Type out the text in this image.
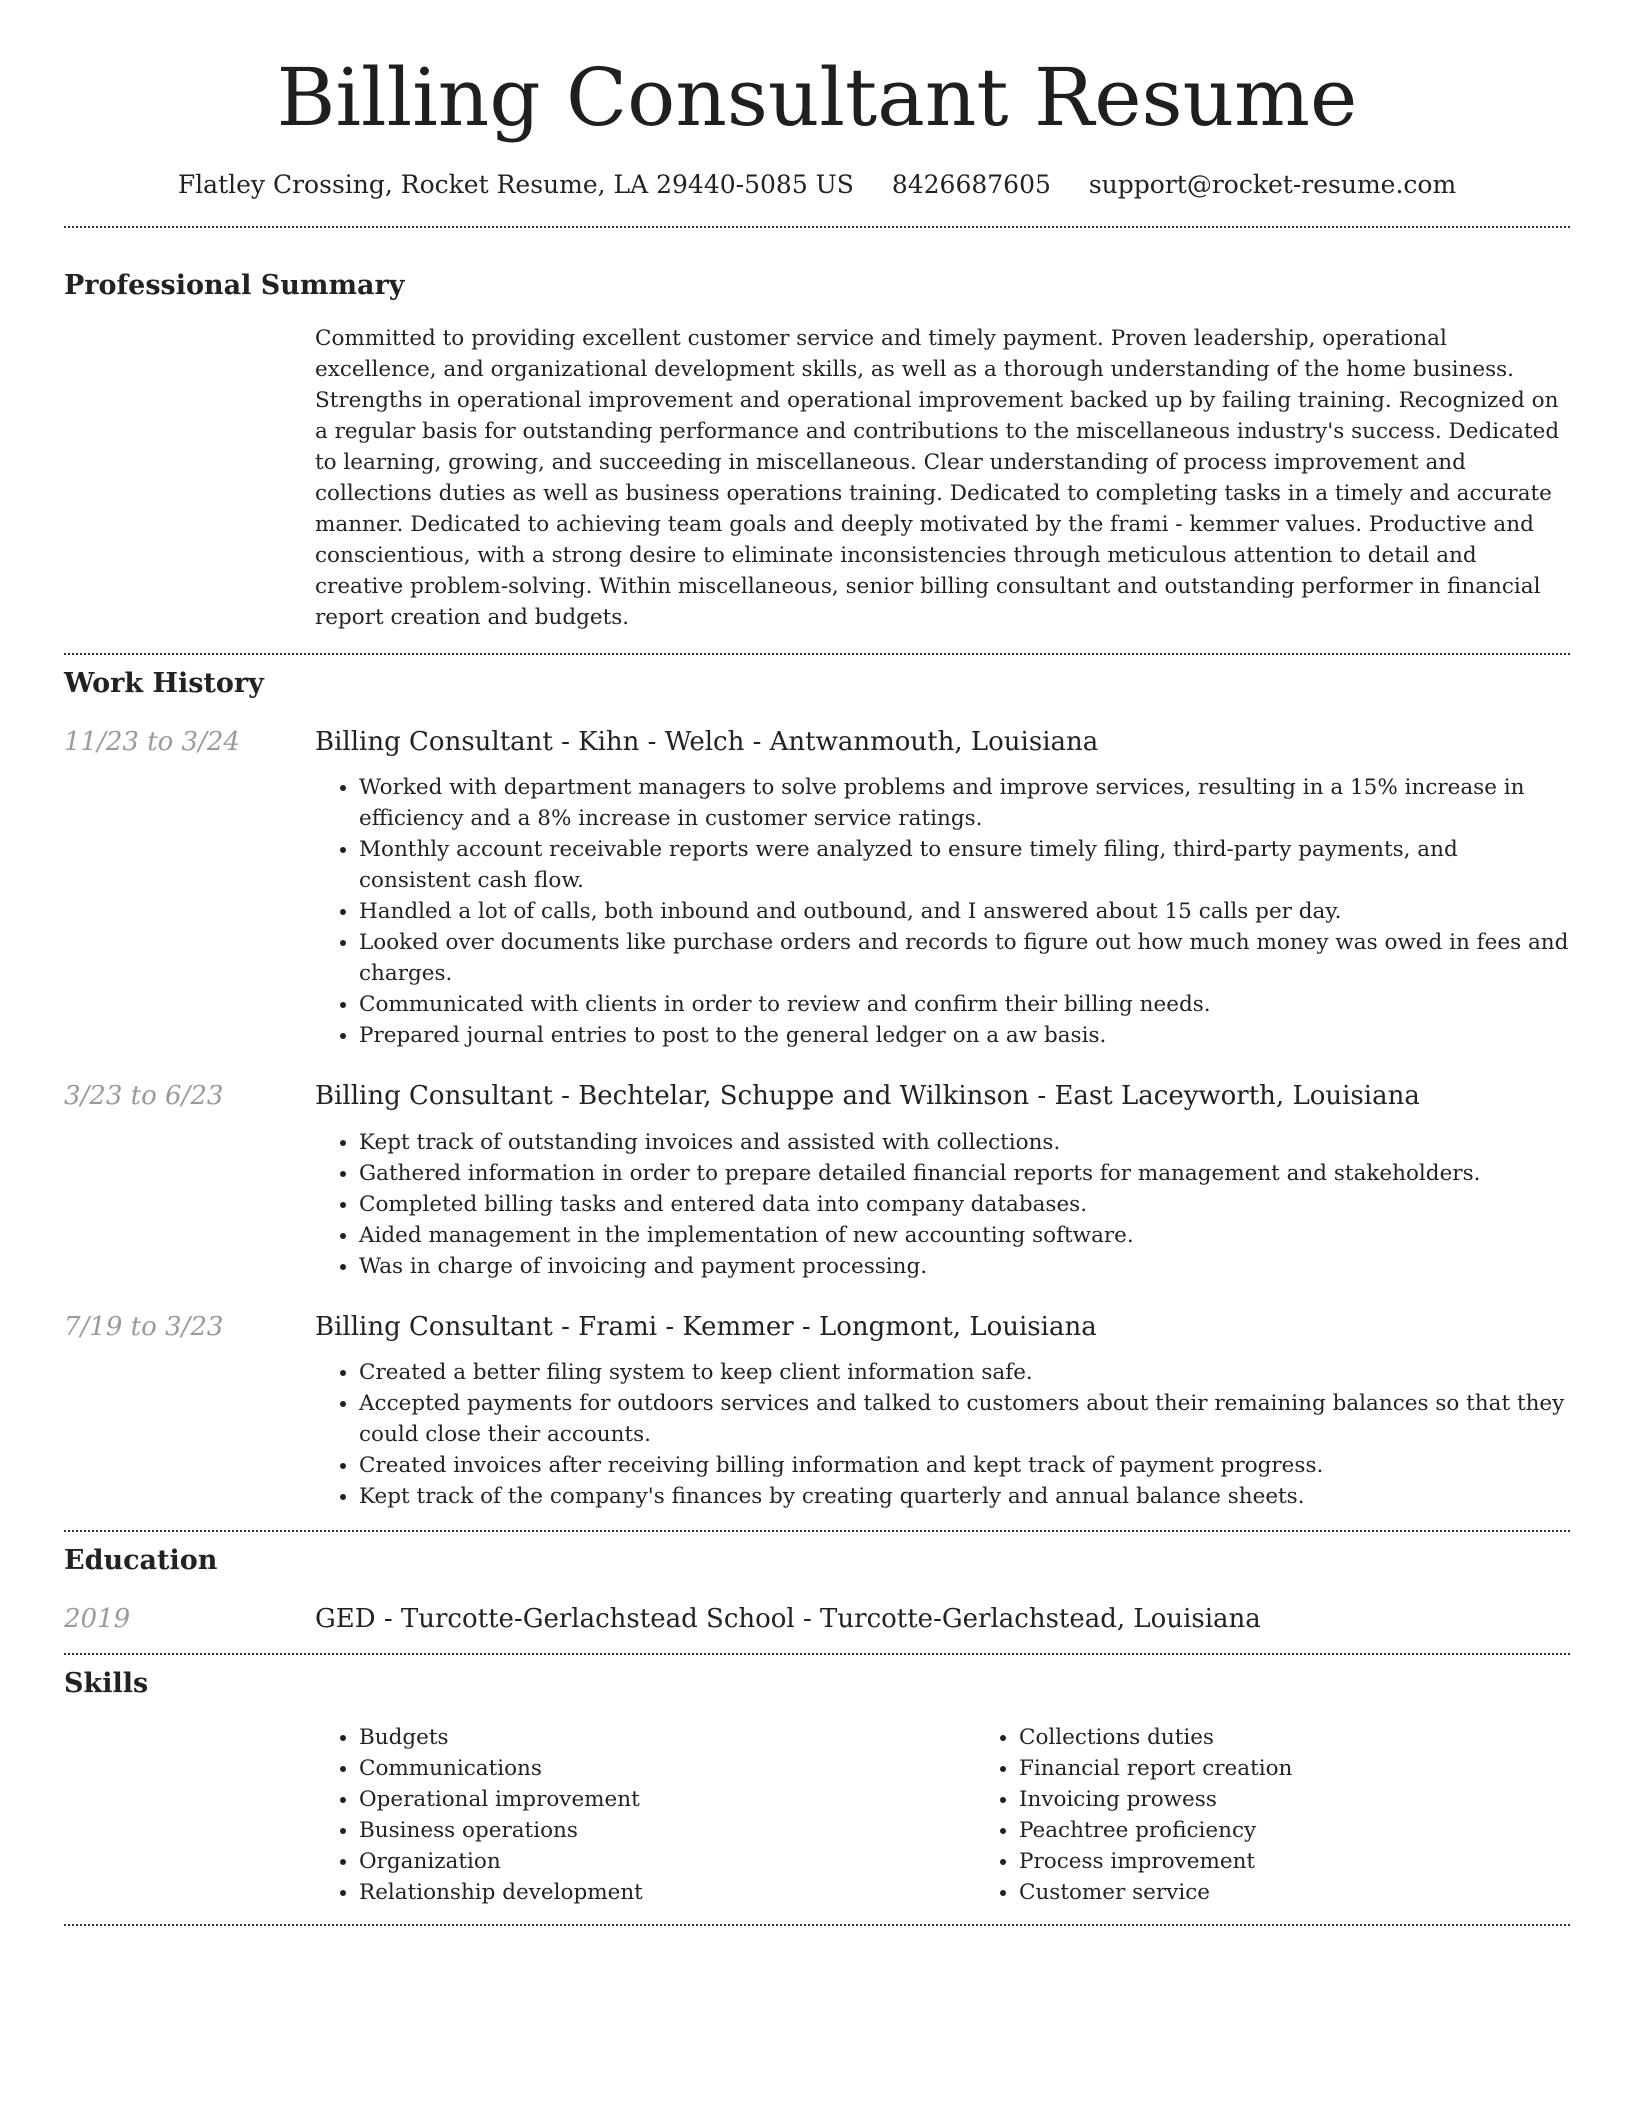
Billing Consultant Resume
Flatley Crossing, Rocket Resume, LA 29440-5085 US 8426687605 support@rocket-resume.com
Professional Summary

Committed to providing excellent customer service and timely payment. Proven leadership, operational excellence, and organizational development skills, as well as a thorough understanding of the home business. Strengths in operational improvement and operational improvement backed up by failing training. Recognized on a regular basis for outstanding performance and contributions to the miscellaneous industry's success. Dedicated to learning, growing, and succeeding in miscellaneous. Clear understanding of process improvement and collections duties as well as business operations training. Dedicated to completing tasks in a timely and accurate manner. Dedicated to achieving team goals and deeply motivated by the frami - kemmer values. Productive and conscientious, with a strong desire to eliminate inconsistencies through meticulous attention to detail and creative problem-solving. Within miscellaneous, senior billing consultant and outstanding performer in financial report creation and budgets.

Work History
11/23 to 3/24	Billing Consultant - Kihn - Welch - Antwanmouth, Louisiana
• Worked with department managers to solve problems and improve services, resulting in a 15% increase in efficiency and a 8% increase in customer service ratings.
• Monthly account receivable reports were analyzed to ensure timely filing, third-party payments, and consistent cash flow.
• Handled a lot of calls, both inbound and outbound, and I answered about 15 calls per day.
• Looked over documents like purchase orders and records to figure out how much money was owed in fees and charges.
• Communicated with clients in order to review and confirm their billing needs.
• Prepared journal entries to post to the general ledger on a aw basis.
3/23 to 6/23	Billing Consultant - Bechtelar, Schuppe and Wilkinson - East Laceyworth, Louisiana
• Kept track of outstanding invoices and assisted with collections.
• Gathered information in order to prepare detailed financial reports for management and stakeholders.
• Completed billing tasks and entered data into company databases.
• Aided management in the implementation of new accounting software.
• Was in charge of invoicing and payment processing.
7/19 to 3/23	Billing Consultant - Frami - Kemmer - Longmont, Louisiana
• Created a better filing system to keep client information safe.
• Accepted payments for outdoors services and talked to customers about their remaining balances so that they could close their accounts.
• Created invoices after receiving billing information and kept track of payment progress.
• Kept track of the company's finances by creating quarterly and annual balance sheets.
Education
2019	GED - Turcotte-Gerlachstead School - Turcotte-Gerlachstead, Louisiana
Skills
• Budgets
• Communications
• Operational improvement
• Business operations
• Organization
• Relationship development
• Collections duties
• Financial report creation
• Invoicing prowess
• Peachtree proficiency
• Process improvement
• Customer service
